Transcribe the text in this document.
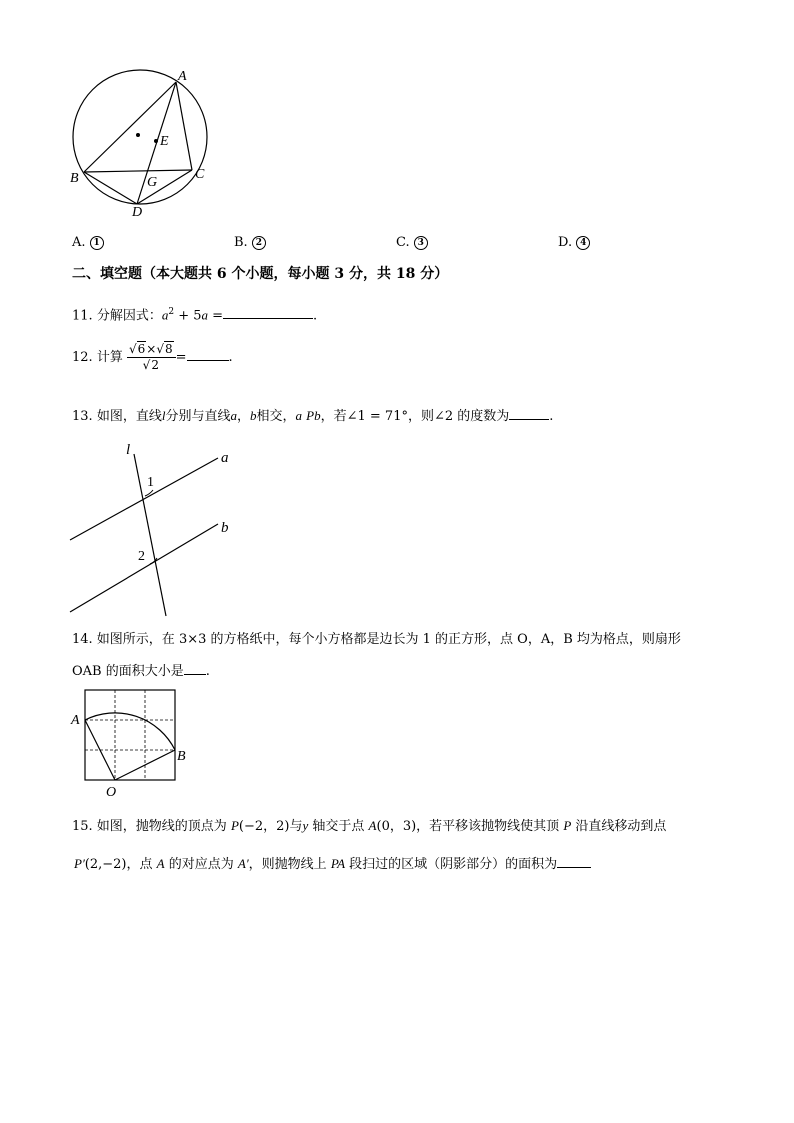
A
E
B	C
G
D
A. 1	B. 2	C. 3	D. 4
二、填空题（本大题共 6 个小题，每小题 3 分，共 18 分）
11. 分解因式：$a^2 + 5a$ =	.
12. 计算 $\frac{√6\times√8}{√2}$ =	.
13. 如图，直线l分别与直线a，b相交，a Pb，若∠1 = 71°，则∠2 的度数为	.
l	a
b
1
2
14. 如图所示，在 3×3 的方格纸中，每个小方格都是边长为 1 的正方形，点 O，A，B 均为格点，则扇形
OAB 的面积大小是 .
A
B
O
15. 如图，抛物线的顶点为 P(−2，2)与y 轴交于点 A(0，3)，若平移该抛物线使其顶 P 沿直线移动到点
P′(2,−2)，点 A 的对应点为 A′，则抛物线上 PA 段扫过的区域（阴影部分）的面积为
